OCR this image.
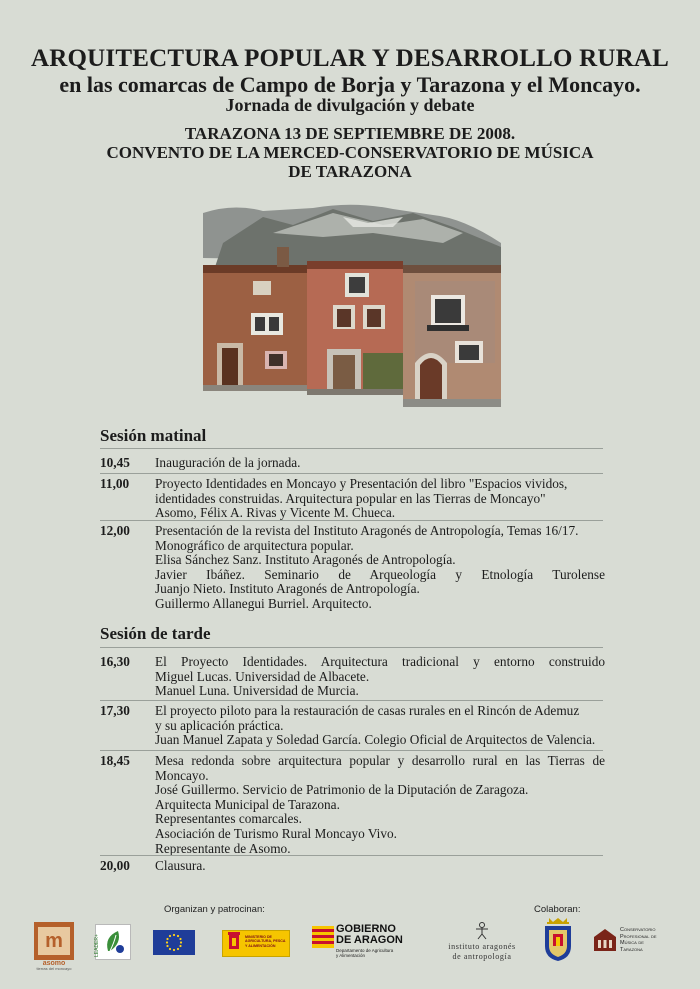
ARQUITECTURA POPULAR Y DESARROLLO RURAL
en las comarcas de Campo de Borja y Tarazona y el Moncayo.
Jornada de divulgación y debate
TARAZONA 13 DE SEPTIEMBRE DE 2008.
CONVENTO DE LA MERCED-CONSERVATORIO DE MÚSICA
DE TARAZONA
Sesión matinal
10,45	Inauguración de la jornada.
11,00	Proyecto Identidades en Moncayo y Presentación del libro "Espacios vividos,
identidades construidas. Arquitectura popular en las Tierras de Moncayo"
Asomo, Félix A. Rivas y Vicente M. Chueca.
12,00	Presentación de la revista del Instituto Aragonés de Antropología, Temas 16/17.
Monográfico de arquitectura popular.
Elisa Sánchez Sanz. Instituto Aragonés de Antropología.
Javier Ibáñez. Seminario de Arqueología y Etnología Turolense
Juanjo Nieto. Instituto Aragonés de Antropología.
Guillermo Allanegui Burriel. Arquitecto.
Sesión de tarde
16,30	El Proyecto Identidades. Arquitectura tradicional y entorno construido
Miguel Lucas. Universidad de Albacete.
Manuel Luna. Universidad de Murcia.
17,30	El proyecto piloto para la restauración de casas rurales en el Rincón de Ademuz
y su aplicación práctica.
Juan Manuel Zapata y Soledad García. Colegio Oficial de Arquitectos de Valencia.
18,45	Mesa redonda sobre arquitectura popular y desarrollo rural en las Tierras de
Moncayo.
José Guillermo. Servicio de Patrimonio de la Diputación de Zaragoza.
Arquitecta Municipal de Tarazona.
Representantes comarcales.
Asociación de Turismo Rural Moncayo Vivo.
Representante de Asomo.
20,00	Clausura.
Organizan y patrocinan:	Colaboran:
m
asomo
tierras del moncayo
LEADER+	MINISTERIO DE AGRICULTURA, PESCA Y ALIMENTACIÓN
GOBIERNO
DE ARAGON
Departamento de Agricultura
y Alimentación
instituto aragonés
de antropología
Conservatorio
Profesional de
Música de
Tarazona
